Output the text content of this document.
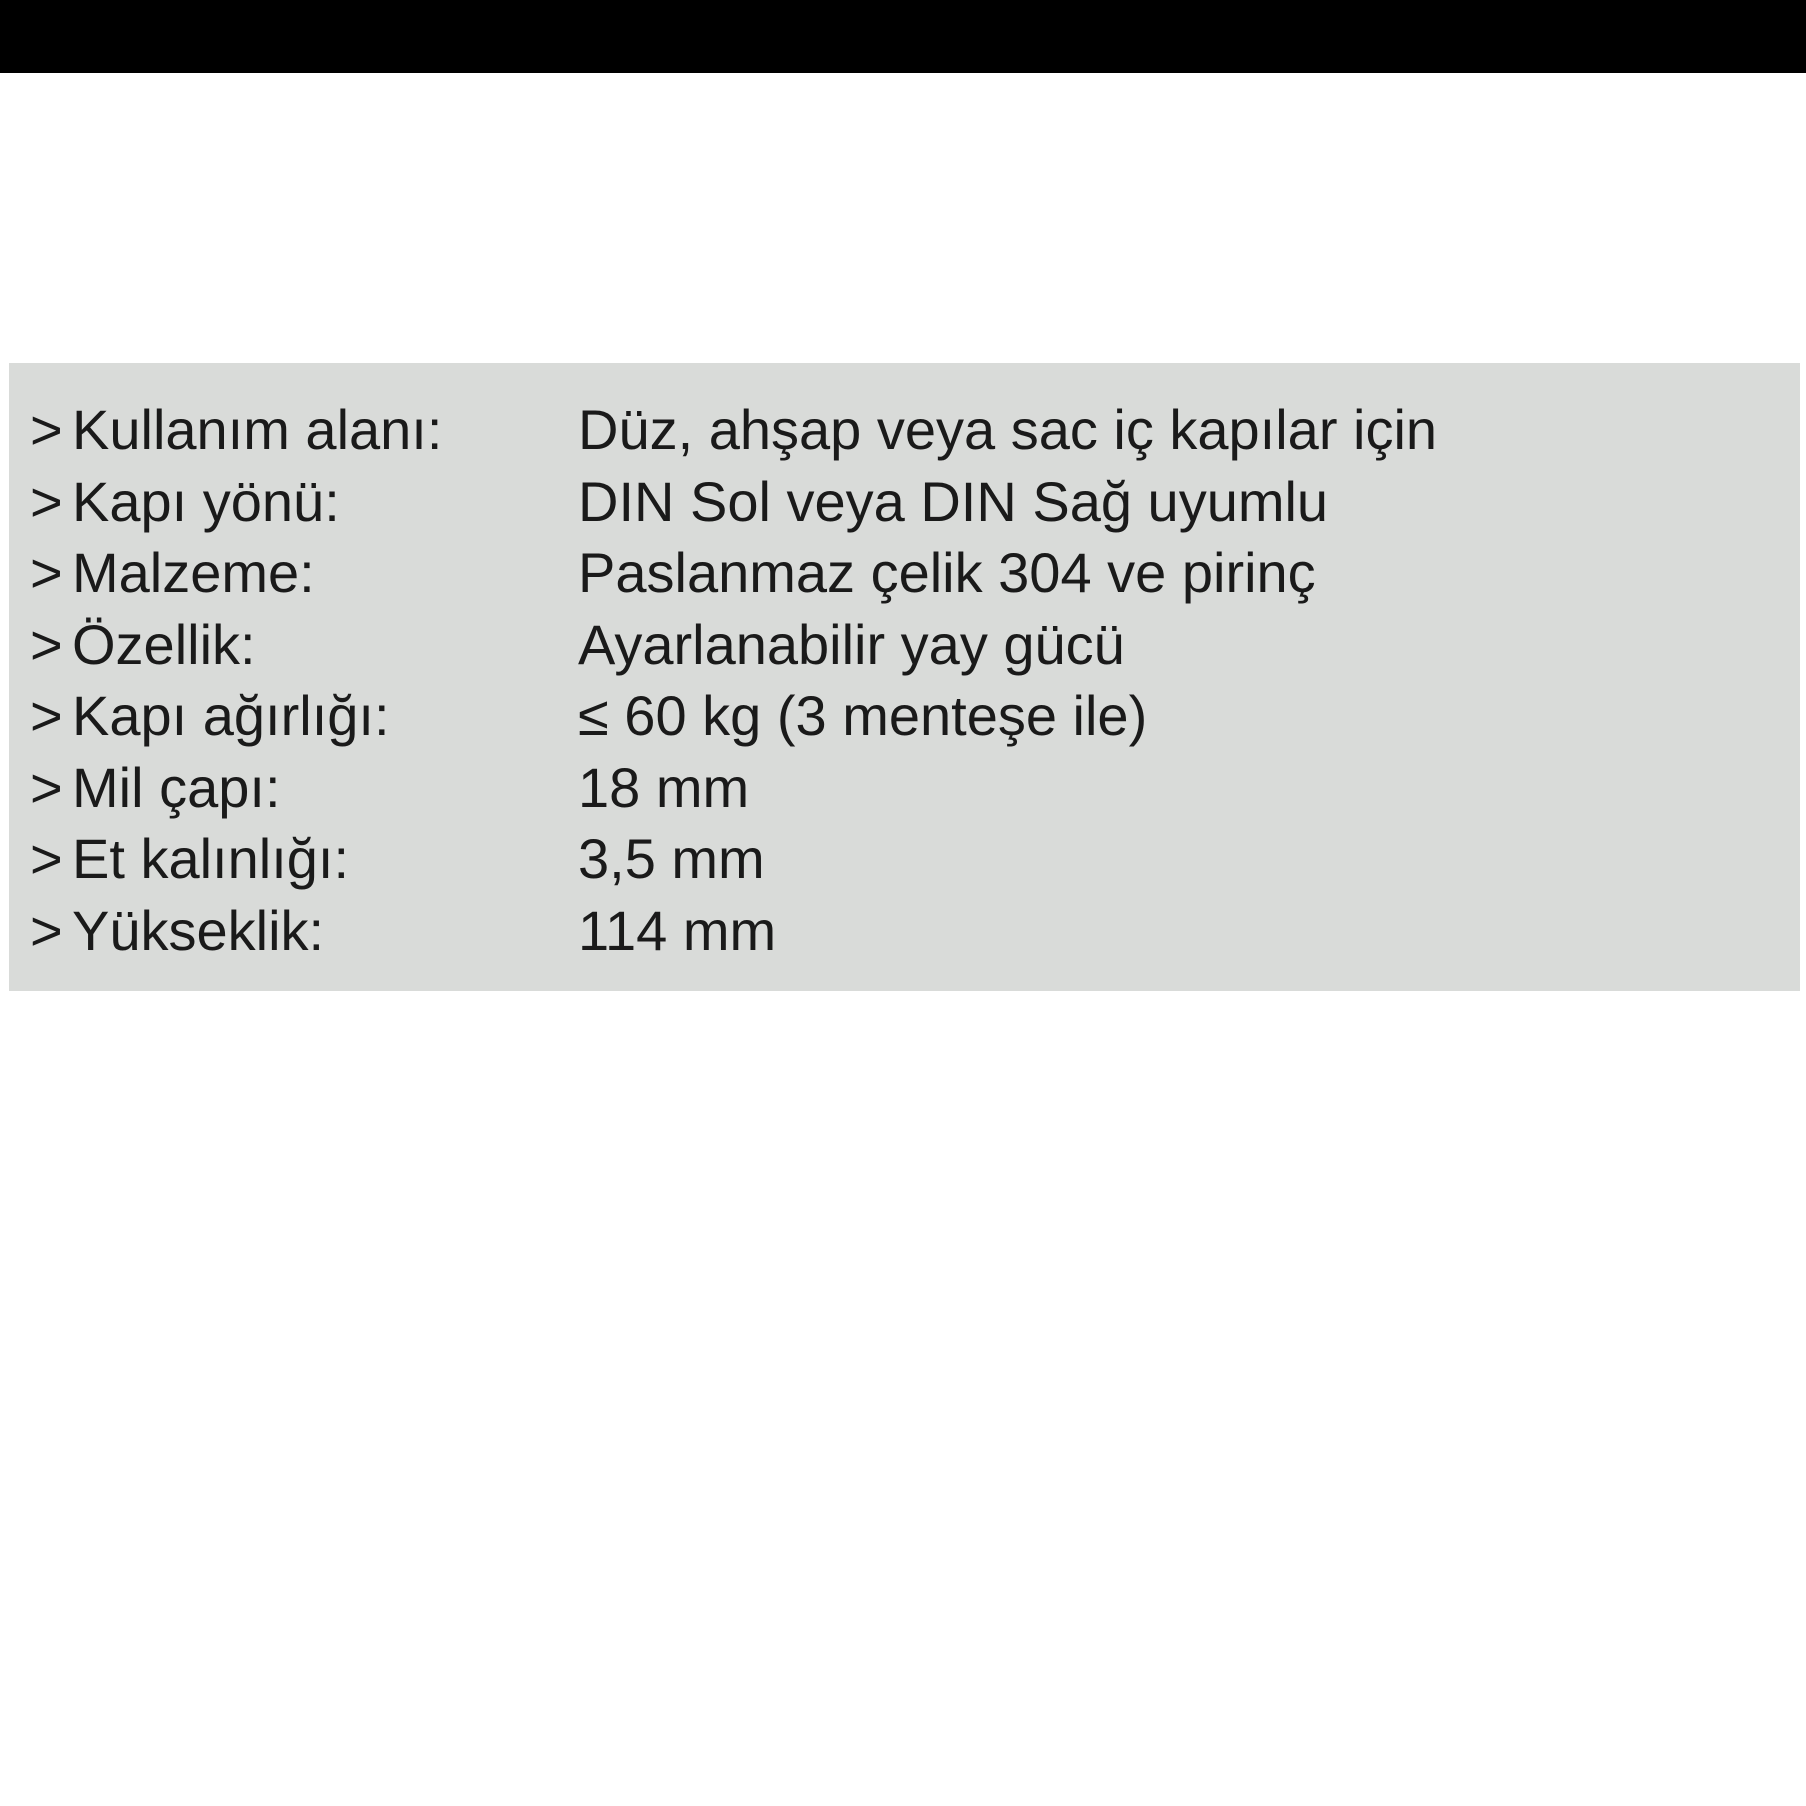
> Kullanım alanı: Düz, ahşap veya sac iç kapılar için
> Kapı yönü:	DIN Sol veya DIN Sağ uyumlu
> Malzeme:	Paslanmaz çelik 304 ve pirinç
> Özellik:	Ayarlanabilir yay gücü
> Kapı ağırlığı:	≤ 60 kg (3 menteşe ile)
> Mil çapı:	18 mm
> Et kalınlığı:	3,5 mm
> Yükseklik:	114 mm
